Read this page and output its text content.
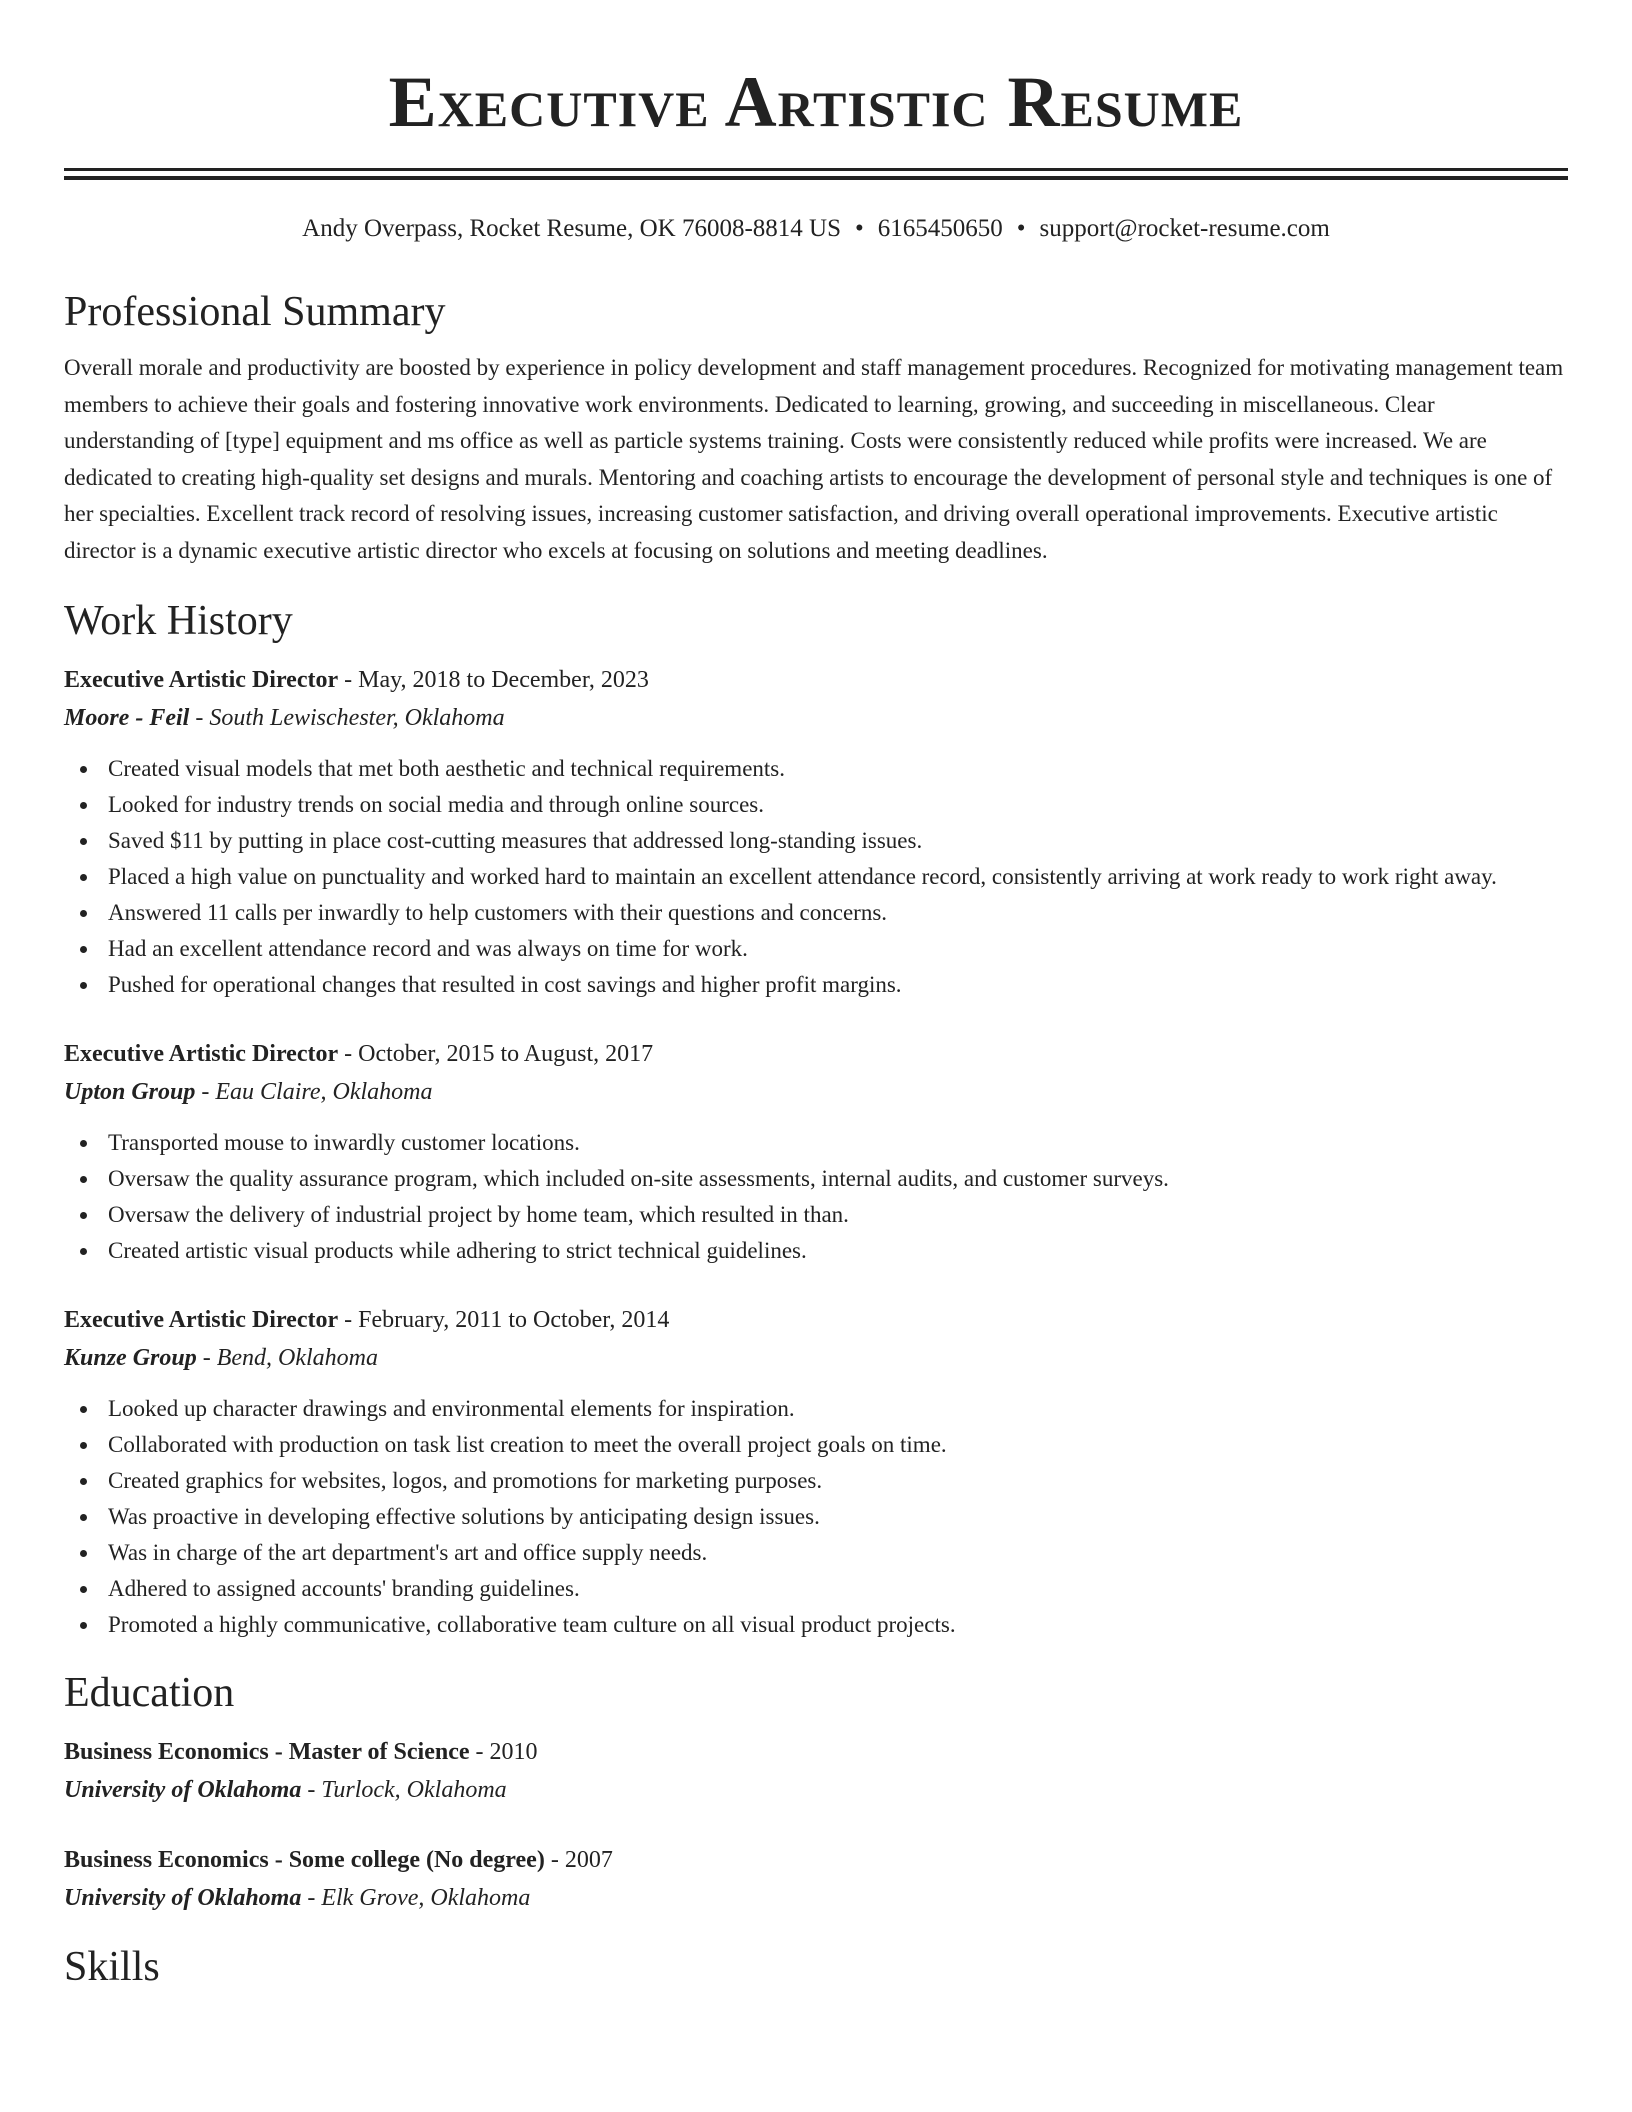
Executive Artistic Resume
Andy Overpass, Rocket Resume, OK 76008-8814 US • 6165450650 • support@rocket-resume.com
Professional Summary

Overall morale and productivity are boosted by experience in policy development and staff management procedures. Recognized for motivating management team members to achieve their goals and fostering innovative work environments. Dedicated to learning, growing, and succeeding in miscellaneous. Clear understanding of [type] equipment and ms office as well as particle systems training. Costs were consistently reduced while profits were increased. We are dedicated to creating high-quality set designs and murals. Mentoring and coaching artists to encourage the development of personal style and techniques is one of her specialties. Excellent track record of resolving issues, increasing customer satisfaction, and driving overall operational improvements. Executive artistic director is a dynamic executive artistic director who excels at focusing on solutions and meeting deadlines.

Work History
Executive Artistic Director - May, 2018 to December, 2023
Moore - Feil - South Lewischester, Oklahoma
Created visual models that met both aesthetic and technical requirements.
Looked for industry trends on social media and through online sources.
Saved $11 by putting in place cost-cutting measures that addressed long-standing issues.
Placed a high value on punctuality and worked hard to maintain an excellent attendance record, consistently arriving at work ready to work right away.
Answered 11 calls per inwardly to help customers with their questions and concerns.
Had an excellent attendance record and was always on time for work.
Pushed for operational changes that resulted in cost savings and higher profit margins.
Executive Artistic Director - October, 2015 to August, 2017
Upton Group - Eau Claire, Oklahoma
Transported mouse to inwardly customer locations.
Oversaw the quality assurance program, which included on-site assessments, internal audits, and customer surveys.
Oversaw the delivery of industrial project by home team, which resulted in than.
Created artistic visual products while adhering to strict technical guidelines.
Executive Artistic Director - February, 2011 to October, 2014
Kunze Group - Bend, Oklahoma
Looked up character drawings and environmental elements for inspiration.
Collaborated with production on task list creation to meet the overall project goals on time.
Created graphics for websites, logos, and promotions for marketing purposes.
Was proactive in developing effective solutions by anticipating design issues.
Was in charge of the art department's art and office supply needs.
Adhered to assigned accounts' branding guidelines.
Promoted a highly communicative, collaborative team culture on all visual product projects.
Education
Business Economics - Master of Science - 2010
University of Oklahoma - Turlock, Oklahoma
Business Economics - Some college (No degree) - 2007
University of Oklahoma - Elk Grove, Oklahoma
Skills
